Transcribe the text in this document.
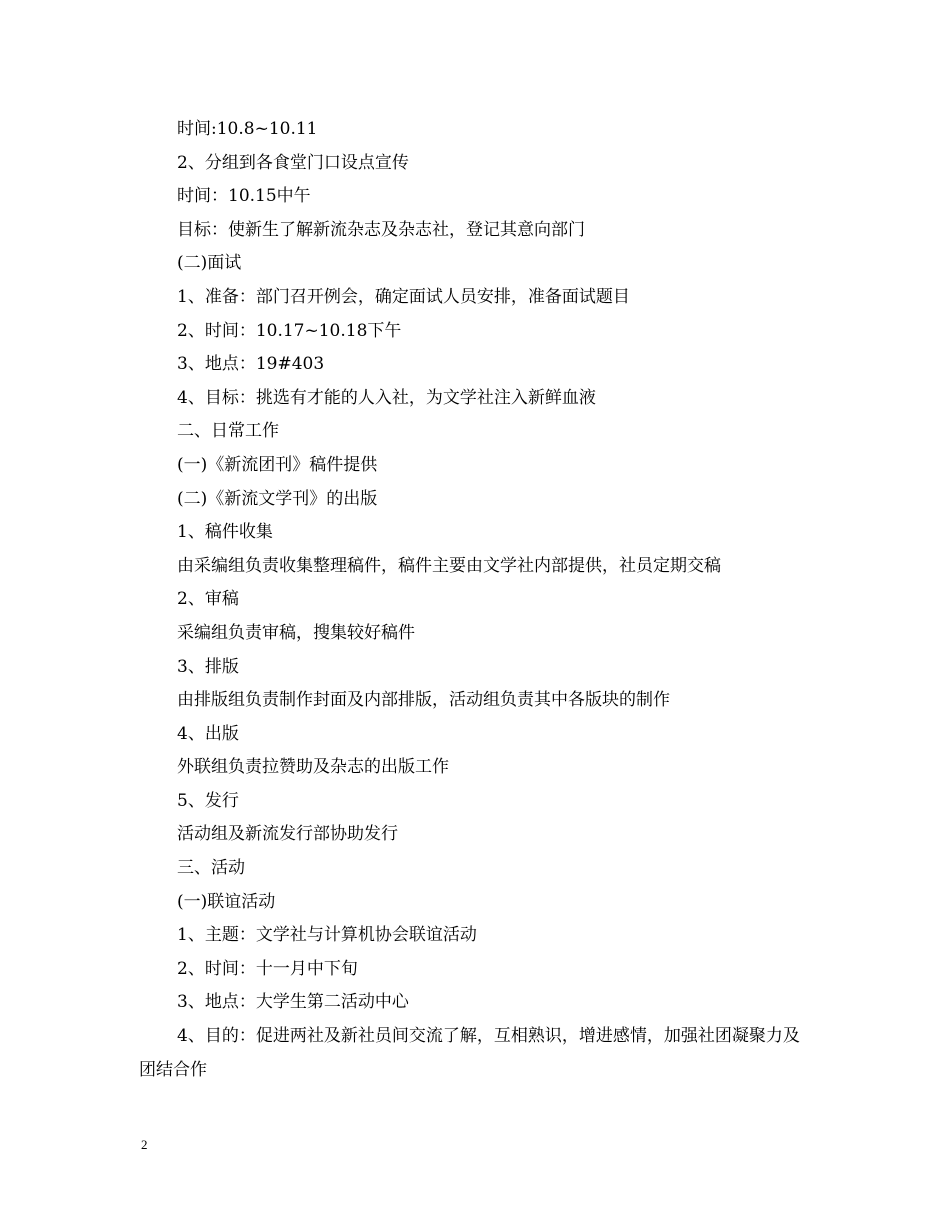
时间:10.8~10.11
2、分组到各食堂门口设点宣传
时间：10.15中午
目标：使新生了解新流杂志及杂志社，登记其意向部门
(二)面试
1、准备：部门召开例会，确定面试人员安排，准备面试题目
2、时间：10.17~10.18下午
3、地点：19#403
4、目标：挑选有才能的人入社，为文学社注入新鲜血液
二、日常工作
(一)《新流团刊》稿件提供
(二)《新流文学刊》的出版
1、稿件收集
由采编组负责收集整理稿件，稿件主要由文学社内部提供，社员定期交稿
2、审稿
采编组负责审稿，搜集较好稿件
3、排版
由排版组负责制作封面及内部排版，活动组负责其中各版块的制作
4、出版
外联组负责拉赞助及杂志的出版工作
5、发行
活动组及新流发行部协助发行
三、活动
(一)联谊活动
1、主题：文学社与计算机协会联谊活动
2、时间：十一月中下旬
3、地点：大学生第二活动中心
4、目的：促进两社及新社员间交流了解，互相熟识，增进感情，加强社团凝聚力及团结合作
2
